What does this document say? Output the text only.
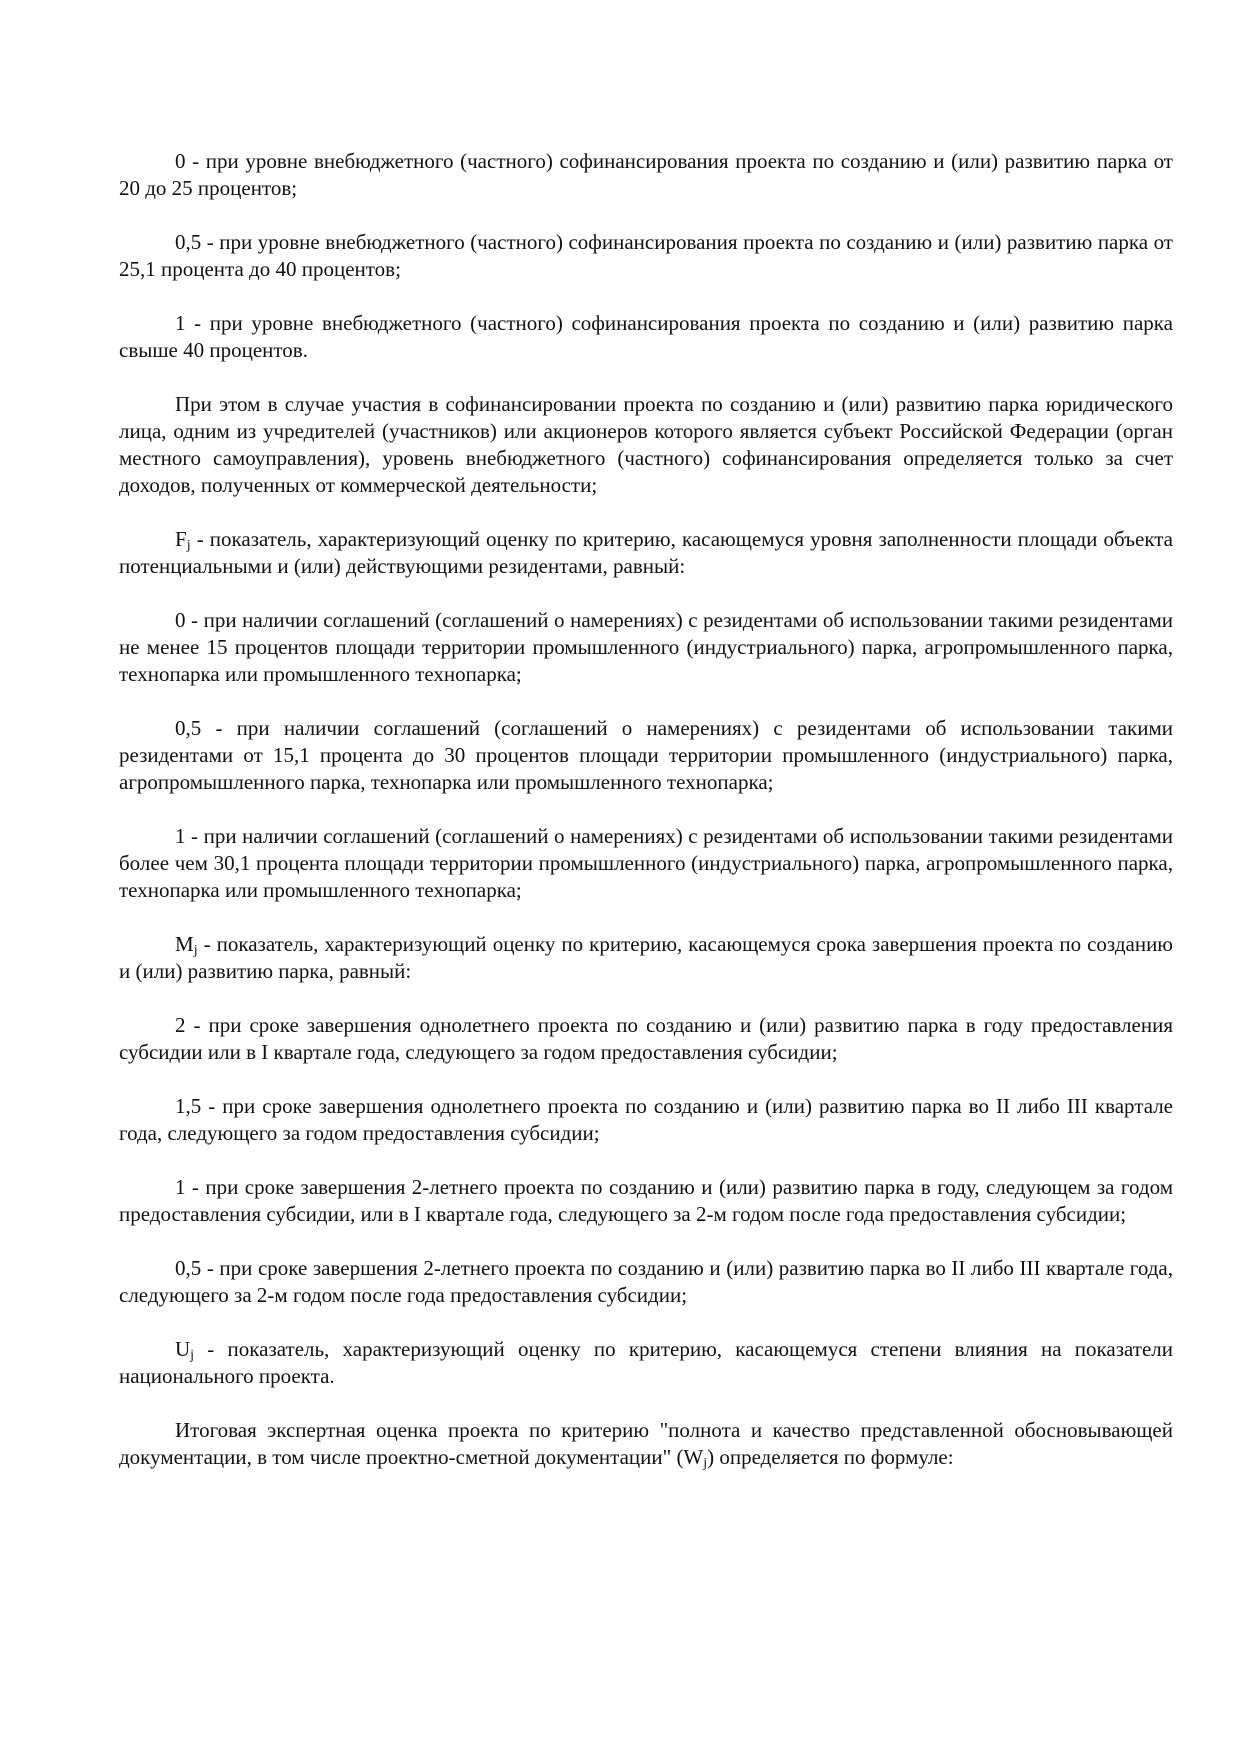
0 - при уровне внебюджетного (частного) софинансирования проекта по созданию и (или) развитию парка от 20 до 25 процентов;

0,5 - при уровне внебюджетного (частного) софинансирования проекта по созданию и (или) развитию парка от 25,1 процента до 40 процентов;

1 - при уровне внебюджетного (частного) софинансирования проекта по созданию и (или) развитию парка свыше 40 процентов.

При этом в случае участия в софинансировании проекта по созданию и (или) развитию парка юридического лица, одним из учредителей (участников) или акционеров которого является субъект Российской Федерации (орган местного самоуправления), уровень внебюджетного (частного) софинансирования определяется только за счет доходов, полученных от коммерческой деятельности;

$F_j$ - показатель, характеризующий оценку по критерию, касающемуся уровня заполненности площади объекта потенциальными и (или) действующими резидентами, равный:

0 - при наличии соглашений (соглашений о намерениях) с резидентами об использовании такими резидентами не менее 15 процентов площади территории промышленного (индустриального) парка, агропромышленного парка, технопарка или промышленного технопарка;

0,5 - при наличии соглашений (соглашений о намерениях) с резидентами об использовании такими резидентами от 15,1 процента до 30 процентов площади территории промышленного (индустриального) парка, агропромышленного парка, технопарка или промышленного технопарка;

1 - при наличии соглашений (соглашений о намерениях) с резидентами об использовании такими резидентами более чем 30,1 процента площади территории промышленного (индустриального) парка, агропромышленного парка, технопарка или промышленного технопарка;

$M_j$ - показатель, характеризующий оценку по критерию, касающемуся срока завершения проекта по созданию и (или) развитию парка, равный:

2 - при сроке завершения однолетнего проекта по созданию и (или) развитию парка в году предоставления субсидии или в I квартале года, следующего за годом предоставления субсидии;

1,5 - при сроке завершения однолетнего проекта по созданию и (или) развитию парка во II либо III квартале года, следующего за годом предоставления субсидии;

1 - при сроке завершения 2-летнего проекта по созданию и (или) развитию парка в году, следующем за годом предоставления субсидии, или в I квартале года, следующего за 2-м годом после года предоставления субсидии;

0,5 - при сроке завершения 2-летнего проекта по созданию и (или) развитию парка во II либо III квартале года, следующего за 2-м годом после года предоставления субсидии;

$U_j$ - показатель, характеризующий оценку по критерию, касающемуся степени влияния на показатели национального проекта.

Итоговая экспертная оценка проекта по критерию "полнота и качество представленной обосновывающей документации, в том числе проектно-сметной документации" $(W_j)$ определяется по формуле:
